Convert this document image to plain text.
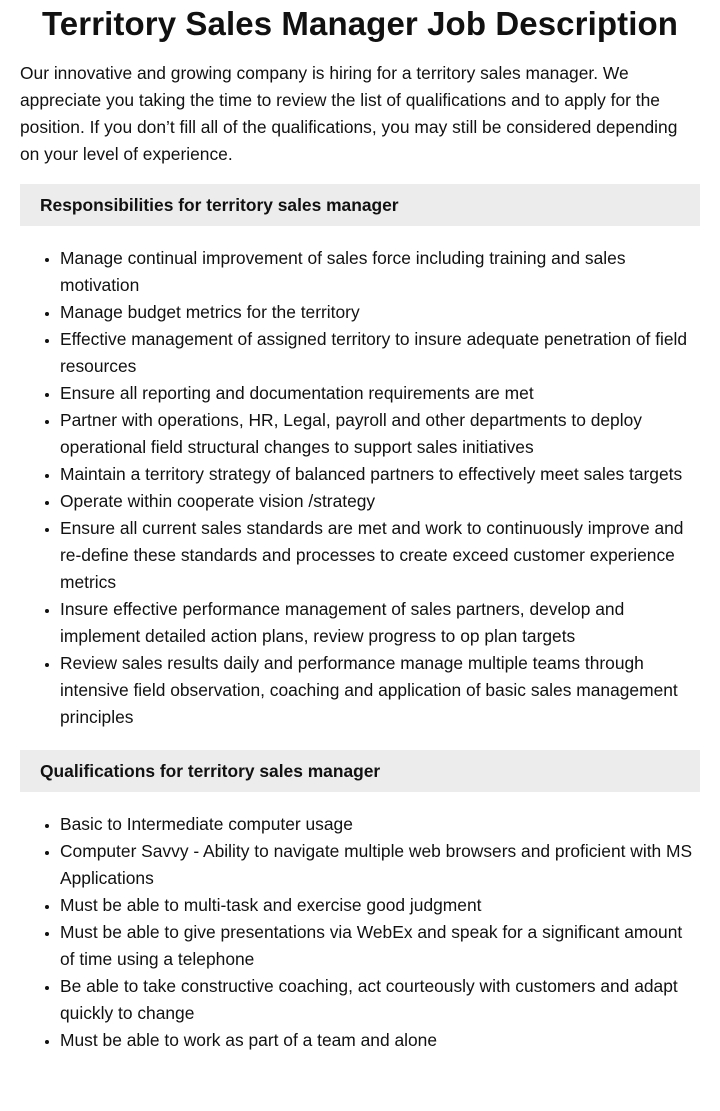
Territory Sales Manager Job Description

Our innovative and growing company is hiring for a territory sales manager. We appreciate you taking the time to review the list of qualifications and to apply for the position. If you don’t fill all of the qualifications, you may still be considered depending on your level of experience.

Responsibilities for territory sales manager
• Manage continual improvement of sales force including training and sales motivation
• Manage budget metrics for the territory
• Effective management of assigned territory to insure adequate penetration of field resources
• Ensure all reporting and documentation requirements are met
• Partner with operations, HR, Legal, payroll and other departments to deploy operational field structural changes to support sales initiatives
• Maintain a territory strategy of balanced partners to effectively meet sales targets
• Operate within cooperate vision /strategy
• Ensure all current sales standards are met and work to continuously improve and re-define these standards and processes to create exceed customer experience metrics
• Insure effective performance management of sales partners, develop and implement detailed action plans, review progress to op plan targets
• Review sales results daily and performance manage multiple teams through intensive field observation, coaching and application of basic sales management principles
Qualifications for territory sales manager
• Basic to Intermediate computer usage
• Computer Savvy - Ability to navigate multiple web browsers and proficient with MS Applications
• Must be able to multi-task and exercise good judgment
• Must be able to give presentations via WebEx and speak for a significant amount of time using a telephone
• Be able to take constructive coaching, act courteously with customers and adapt quickly to change
• Must be able to work as part of a team and alone
